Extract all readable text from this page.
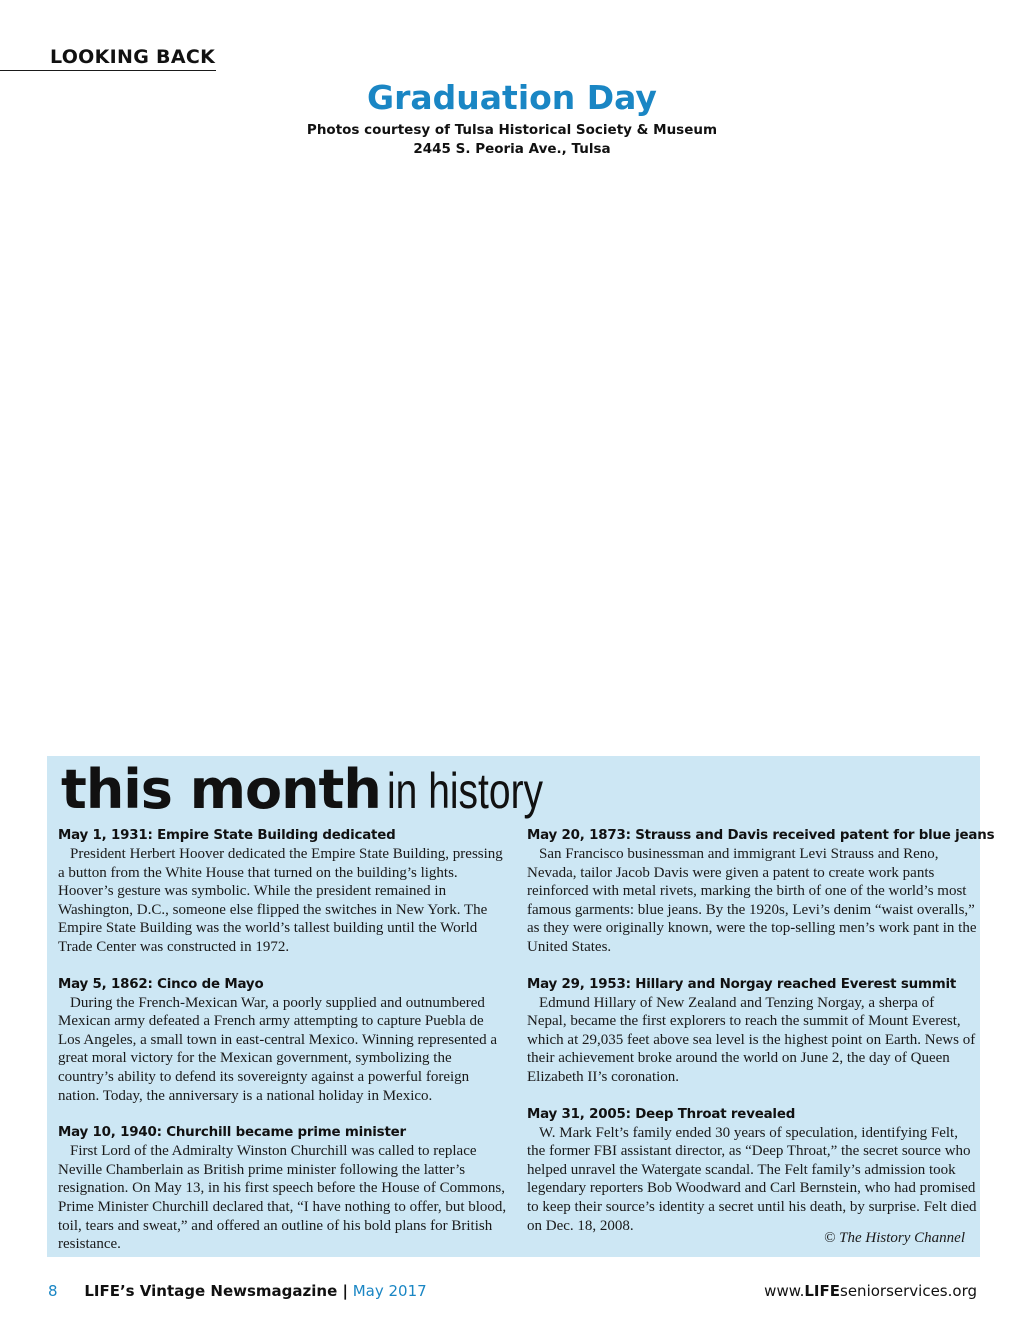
LOOKING BACK
Graduation Day
Photos courtesy of Tulsa Historical Society & Museum
2445 S. Peoria Ave., Tulsa
this month in history
May 1, 1931: Empire State Building dedicated

President Herbert Hoover dedicated the Empire State Building, pressing a button from the White House that turned on the building’s lights. Hoover’s gesture was symbolic. While the president remained in Washington, D.C., someone else flipped the switches in New York. The Empire State Building was the world’s tallest building until the World Trade Center was constructed in 1972.

May 5, 1862: Cinco de Mayo

During the French-Mexican War, a poorly supplied and outnumbered Mexican army defeated a French army attempting to capture Puebla de Los Angeles, a small town in east-central Mexico. Winning represented a great moral victory for the Mexican government, symbolizing the country’s ability to defend its sovereignty against a powerful foreign nation. Today, the anniversary is a national holiday in Mexico.

May 10, 1940: Churchill became prime minister

First Lord of the Admiralty Winston Churchill was called to replace Neville Chamberlain as British prime minister following the latter’s resignation. On May 13, in his first speech before the House of Commons, Prime Minister Churchill declared that, “I have nothing to offer, but blood, toil, tears and sweat,” and offered an outline of his bold plans for British resistance.

May 20, 1873: Strauss and Davis received patent for blue jeans

San Francisco businessman and immigrant Levi Strauss and Reno, Nevada, tailor Jacob Davis were given a patent to create work pants reinforced with metal rivets, marking the birth of one of the world’s most famous garments: blue jeans. By the 1920s, Levi’s denim “waist overalls,” as they were originally known, were the top-selling men’s work pant in the United States.

May 29, 1953: Hillary and Norgay reached Everest summit

Edmund Hillary of New Zealand and Tenzing Norgay, a sherpa of Nepal, became the first explorers to reach the summit of Mount Everest, which at 29,035 feet above sea level is the highest point on Earth. News of their achievement broke around the world on June 2, the day of Queen Elizabeth II’s coronation.

May 31, 2005: Deep Throat revealed

W. Mark Felt’s family ended 30 years of speculation, identifying Felt, the former FBI assistant director, as “Deep Throat,” the secret source who helped unravel the Watergate scandal. The Felt family’s admission took legendary reporters Bob Woodward and Carl Bernstein, who had promised to keep their source’s identity a secret until his death, by surprise. Felt died on Dec. 18, 2008.

© The History Channel
8 LIFE’s Vintage Newsmagazine | May 2017	www.LIFEseniorservices.org
